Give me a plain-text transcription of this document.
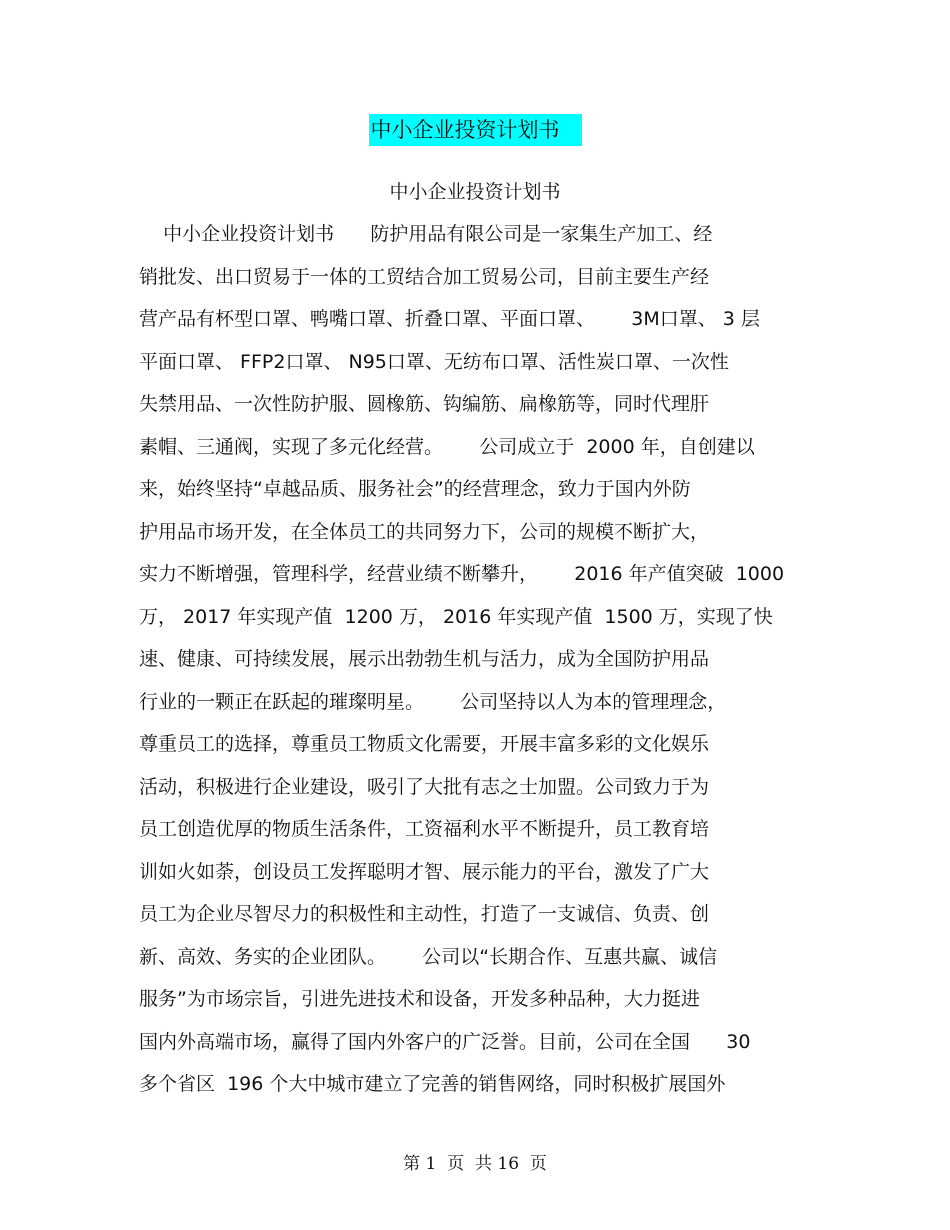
中小企业投资计划书
中小企业投资计划书
中小企业投资计划书      防护用品有限公司是一家集生产加工、经
销批发、出口贸易于一体的工贸结合加工贸易公司，目前主要生产经
营产品有杯型口罩、鸭嘴口罩、折叠口罩、平面口罩、      3M口罩、 3 层
平面口罩、 FFP2口罩、 N95口罩、无纺布口罩、活性炭口罩、一次性
失禁用品、一次性防护服、圆橡筋、钩编筋、扁橡筋等，同时代理肝
素帽、三通阀，实现了多元化经营。      公司成立于  2000 年，自创建以
来，始终坚持“卓越品质、服务社会”的经营理念，致力于国内外防
护用品市场开发，在全体员工的共同努力下，公司的规模不断扩大，
实力不断增强，管理科学，经营业绩不断攀升，      2016 年产值突破  1000
万， 2017 年实现产值  1200 万， 2016 年实现产值  1500 万，实现了快
速、健康、可持续发展，展示出勃勃生机与活力，成为全国防护用品
行业的一颗正在跃起的璀璨明星。      公司坚持以人为本的管理理念，
尊重员工的选择，尊重员工物质文化需要，开展丰富多彩的文化娱乐
活动，积极进行企业建设，吸引了大批有志之士加盟。公司致力于为
员工创造优厚的物质生活条件，工资福利水平不断提升，员工教育培
训如火如荼，创设员工发挥聪明才智、展示能力的平台，激发了广大
员工为企业尽智尽力的积极性和主动性，打造了一支诚信、负责、创
新、高效、务实的企业团队。      公司以“长期合作、互惠共赢、诚信
服务”为市场宗旨，引进先进技术和设备，开发多种品种，大力挺进
国内外高端市场，赢得了国内外客户的广泛誉。目前，公司在全国      30
多个省区  196 个大中城市建立了完善的销售网络，同时积极扩展国外
第 1  页  共 16  页
